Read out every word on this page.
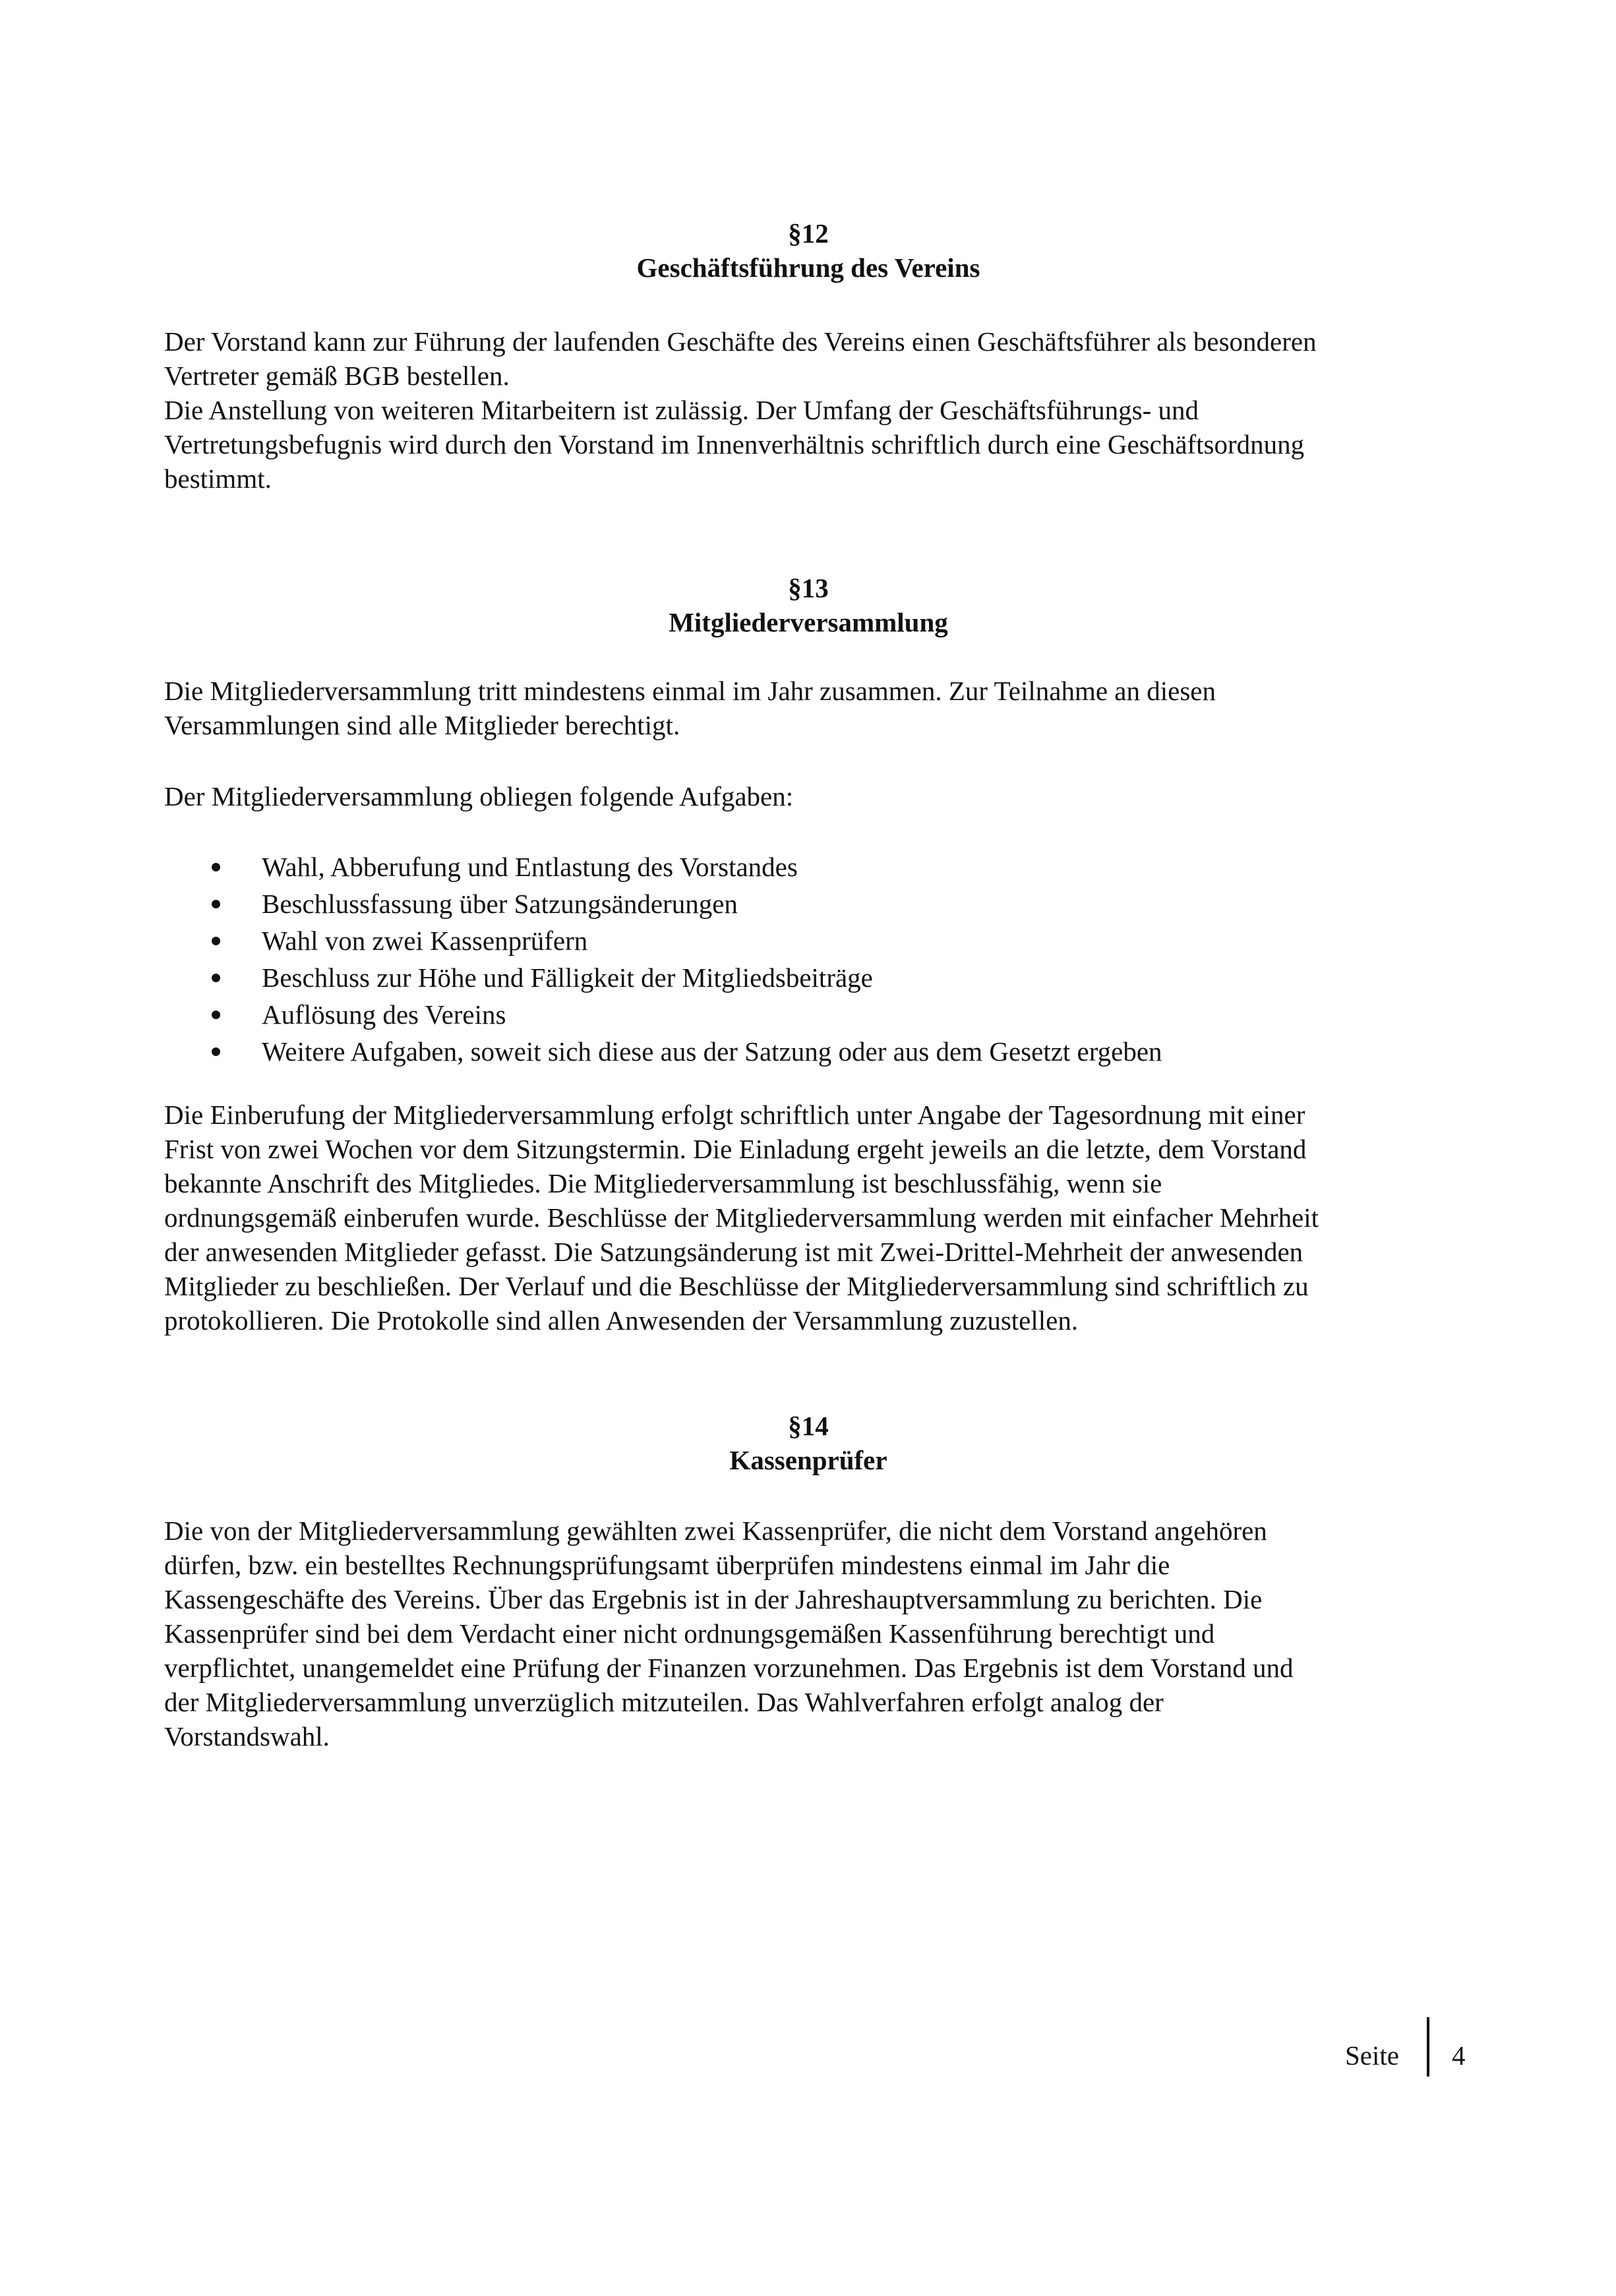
§12
Geschäftsführung des Vereins
Der Vorstand kann zur Führung der laufenden Geschäfte des Vereins einen Geschäftsführer als besonderen
Vertreter gemäß BGB bestellen.
Die Anstellung von weiteren Mitarbeitern ist zulässig. Der Umfang der Geschäftsführungs- und
Vertretungsbefugnis wird durch den Vorstand im Innenverhältnis schriftlich durch eine Geschäftsordnung
bestimmt.
§13
Mitgliederversammlung
Die Mitgliederversammlung tritt mindestens einmal im Jahr zusammen. Zur Teilnahme an diesen
Versammlungen sind alle Mitglieder berechtigt.
Der Mitgliederversammlung obliegen folgende Aufgaben:
Wahl, Abberufung und Entlastung des Vorstandes
Beschlussfassung über Satzungsänderungen
Wahl von zwei Kassenprüfern
Beschluss zur Höhe und Fälligkeit der Mitgliedsbeiträge
Auflösung des Vereins
Weitere Aufgaben, soweit sich diese aus der Satzung oder aus dem Gesetzt ergeben
Die Einberufung der Mitgliederversammlung erfolgt schriftlich unter Angabe der Tagesordnung mit einer
Frist von zwei Wochen vor dem Sitzungstermin. Die Einladung ergeht jeweils an die letzte, dem Vorstand
bekannte Anschrift des Mitgliedes. Die Mitgliederversammlung ist beschlussfähig, wenn sie
ordnungsgemäß einberufen wurde. Beschlüsse der Mitgliederversammlung werden mit einfacher Mehrheit
der anwesenden Mitglieder gefasst. Die Satzungsänderung ist mit Zwei-Drittel-Mehrheit der anwesenden
Mitglieder zu beschließen. Der Verlauf und die Beschlüsse der Mitgliederversammlung sind schriftlich zu
protokollieren. Die Protokolle sind allen Anwesenden der Versammlung zuzustellen.
§14
Kassenprüfer
Die von der Mitgliederversammlung gewählten zwei Kassenprüfer, die nicht dem Vorstand angehören
dürfen, bzw. ein bestelltes Rechnungsprüfungsamt überprüfen mindestens einmal im Jahr die
Kassengeschäfte des Vereins. Über das Ergebnis ist in der Jahreshauptversammlung zu berichten. Die
Kassenprüfer sind bei dem Verdacht einer nicht ordnungsgemäßen Kassenführung berechtigt und
verpflichtet, unangemeldet eine Prüfung der Finanzen vorzunehmen. Das Ergebnis ist dem Vorstand und
der Mitgliederversammlung unverzüglich mitzuteilen. Das Wahlverfahren erfolgt analog der
Vorstandswahl.
Seite 4
